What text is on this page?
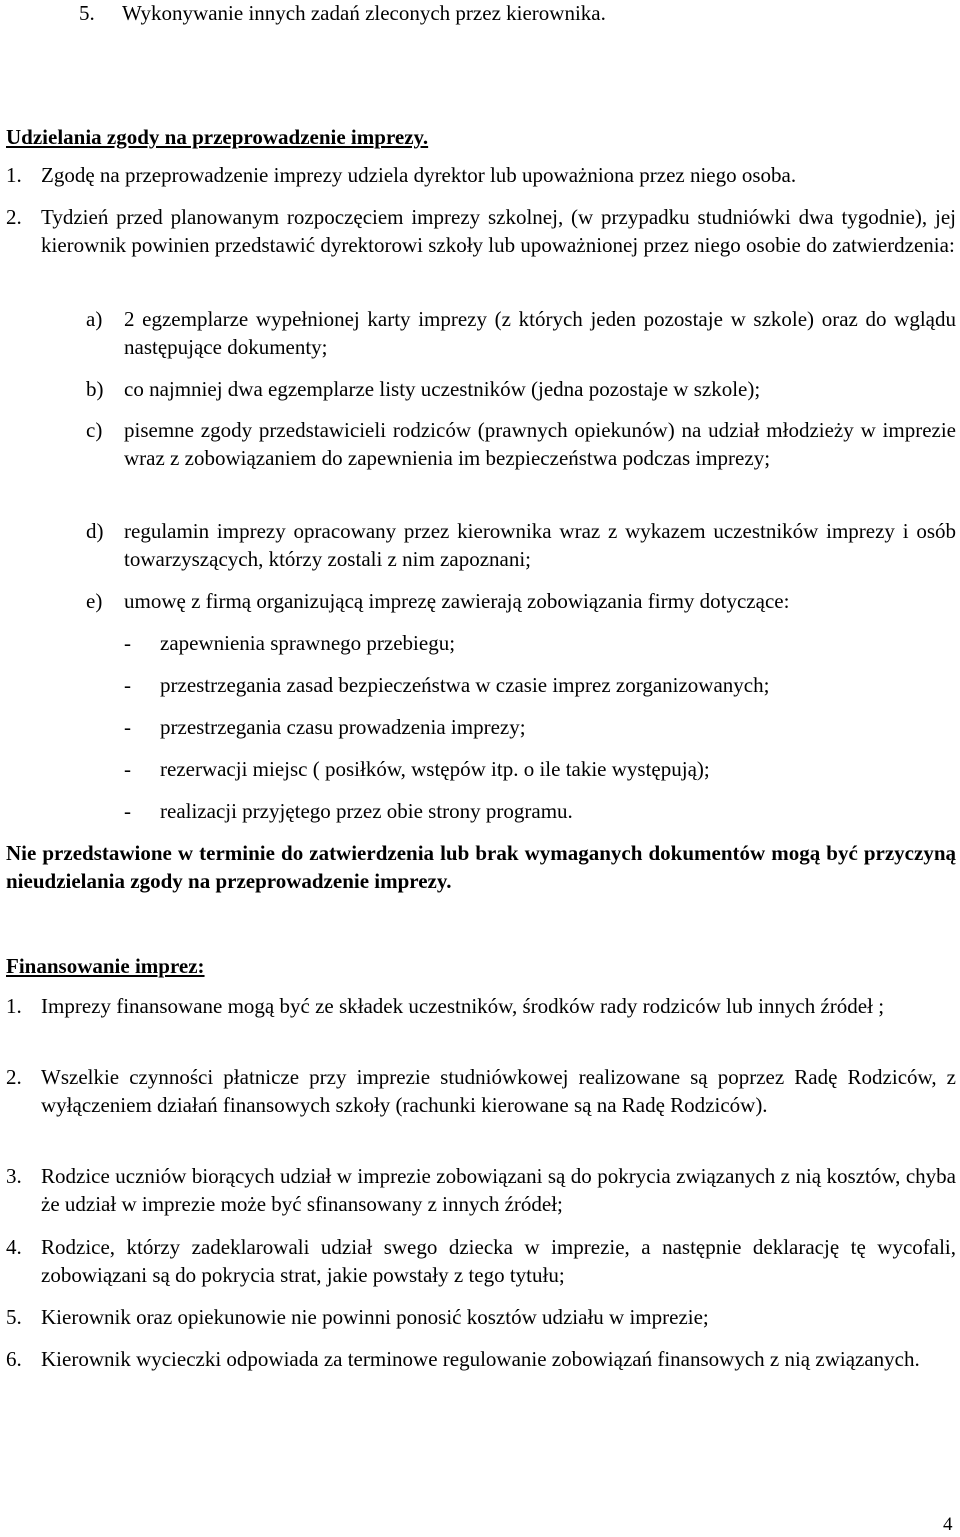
5. Wykonywanie innych zadań zleconych przez kierownika.
Udzielania zgody na przeprowadzenie imprezy.
1. Zgodę na przeprowadzenie imprezy udziela dyrektor lub upoważniona przez niego osoba.
2. Tydzień przed planowanym rozpoczęciem imprezy szkolnej, (w przypadku studniówki dwa tygodnie), jej kierownik powinien przedstawić dyrektorowi szkoły lub upoważnionej przez niego osobie do zatwierdzenia:
a) 2 egzemplarze wypełnionej karty imprezy (z których jeden pozostaje w szkole) oraz do wglądu następujące dokumenty;
b) co najmniej dwa egzemplarze listy uczestników (jedna pozostaje w szkole);
c) pisemne zgody przedstawicieli rodziców (prawnych opiekunów) na udział młodzieży w imprezie wraz z zobowiązaniem do zapewnienia im bezpieczeństwa podczas imprezy;
d) regulamin imprezy opracowany przez kierownika wraz z wykazem uczestników imprezy i osób towarzyszących, którzy zostali z nim zapoznani;
e) umowę z firmą organizującą imprezę zawierają zobowiązania firmy dotyczące:
- zapewnienia sprawnego przebiegu;
- przestrzegania zasad bezpieczeństwa w czasie imprez zorganizowanych;
- przestrzegania czasu prowadzenia imprezy;
- rezerwacji miejsc ( posiłków, wstępów itp. o ile takie występują);
- realizacji przyjętego przez obie strony programu.
Nie przedstawione w terminie do zatwierdzenia lub brak wymaganych dokumentów mogą być przyczyną nieudzielania zgody na przeprowadzenie imprezy.
Finansowanie imprez:
1. Imprezy finansowane mogą być ze składek uczestników, środków rady rodziców lub innych źródeł ;
2. Wszelkie czynności płatnicze przy imprezie studniówkowej realizowane są poprzez Radę Rodziców, z wyłączeniem działań finansowych szkoły (rachunki kierowane są na Radę Rodziców).
3. Rodzice uczniów biorących udział w imprezie zobowiązani są do pokrycia związanych z nią kosztów, chyba że udział w imprezie może być sfinansowany z innych źródeł;
4. Rodzice, którzy zadeklarowali udział swego dziecka w imprezie, a następnie deklarację tę wycofali, zobowiązani są do pokrycia strat, jakie powstały z tego tytułu;
5. Kierownik oraz opiekunowie nie powinni ponosić kosztów udziału w imprezie;
6. Kierownik wycieczki odpowiada za terminowe regulowanie zobowiązań finansowych z nią związanych.
4
